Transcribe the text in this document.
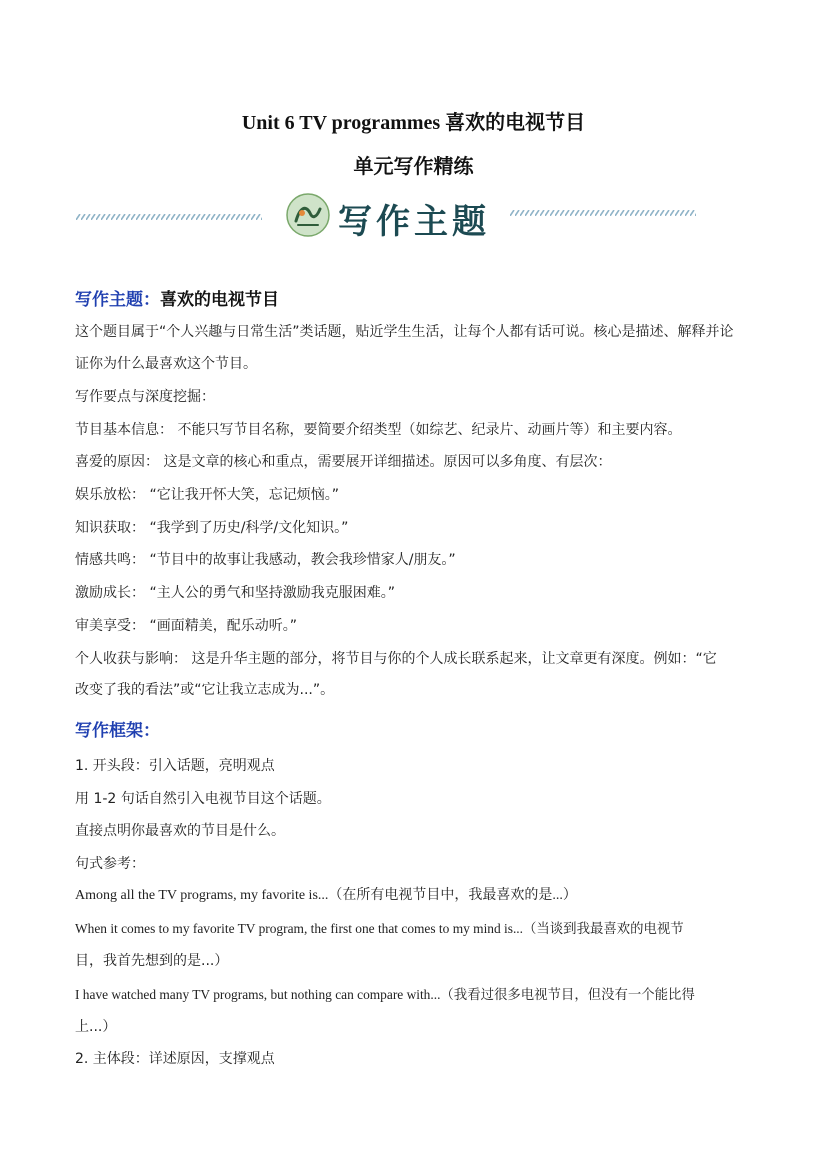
Unit 6 TV programmes 喜欢的电视节目
单元写作精练
写作主题
写作主题：喜欢的电视节目
这个题目属于“个人兴趣与日常生活”类话题，贴近学生生活，让每个人都有话可说。核心是描述、解释并论
证你为什么最喜欢这个节目。
写作要点与深度挖掘：
节目基本信息： 不能只写节目名称，要简要介绍类型（如综艺、纪录片、动画片等）和主要内容。
喜爱的原因： 这是文章的核心和重点，需要展开详细描述。原因可以多角度、有层次：
娱乐放松： “它让我开怀大笑，忘记烦恼。”
知识获取： “我学到了历史/科学/文化知识。”
情感共鸣： “节目中的故事让我感动，教会我珍惜家人/朋友。”
激励成长： “主人公的勇气和坚持激励我克服困难。”
审美享受： “画面精美，配乐动听。”
个人收获与影响： 这是升华主题的部分，将节目与你的个人成长联系起来，让文章更有深度。例如：“它
改变了我的看法”或“它让我立志成为...”。
写作框架：
1. 开头段：引入话题，亮明观点
用 1-2 句话自然引入电视节目这个话题。
直接点明你最喜欢的节目是什么。
句式参考：
Among all the TV programs, my favorite is...（在所有电视节目中，我最喜欢的是...）
When it comes to my favorite TV program, the first one that comes to my mind is...（当谈到我最喜欢的电视节
目，我首先想到的是...）
I have watched many TV programs, but nothing can compare with...（我看过很多电视节目，但没有一个能比得
上...）
2. 主体段：详述原因，支撑观点
